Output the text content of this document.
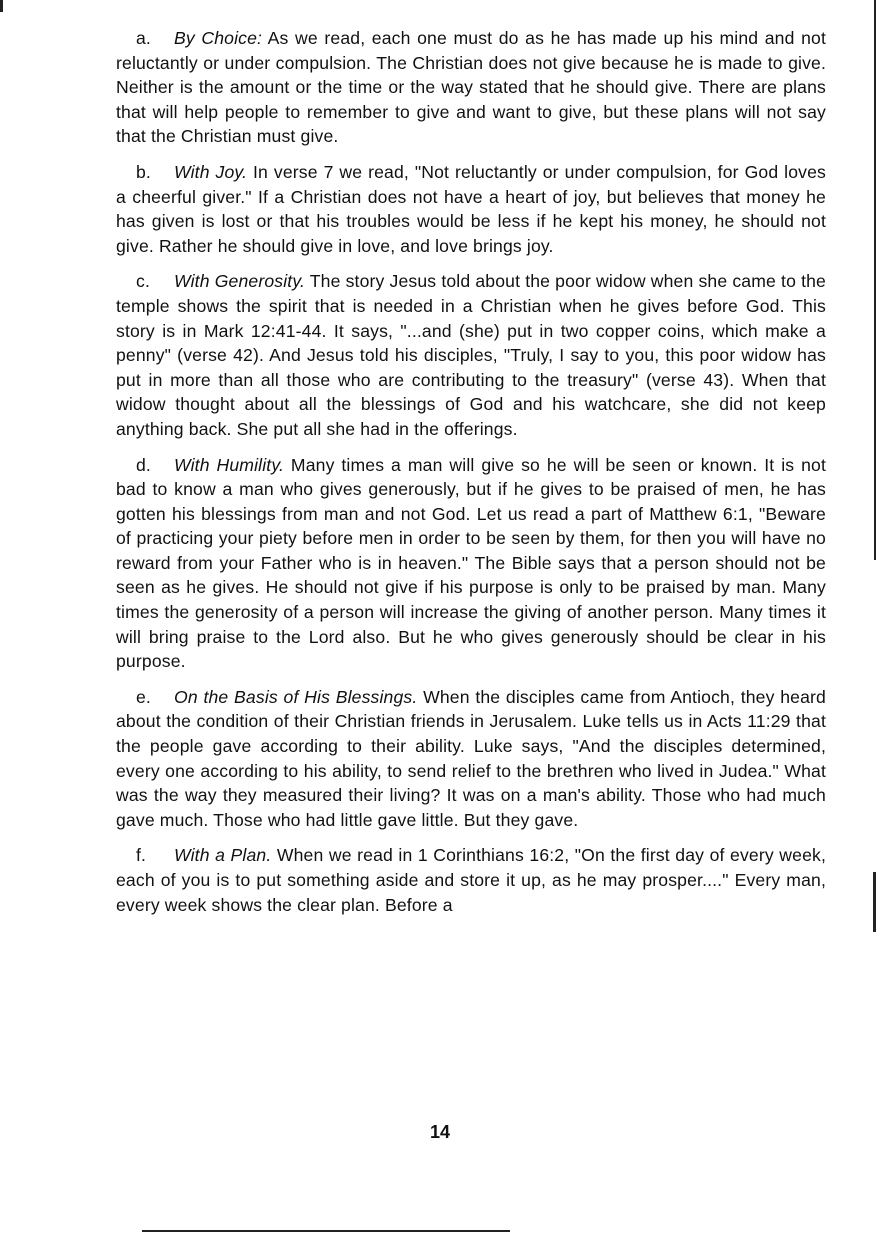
a. By Choice: As we read, each one must do as he has made up his mind and not reluctantly or under compulsion. The Christian does not give because he is made to give. Neither is the amount or the time or the way stated that he should give. There are plans that will help people to remember to give and want to give, but these plans will not say that the Christian must give.

b. With Joy. In verse 7 we read, "Not reluctantly or under compulsion, for God loves a cheerful giver." If a Christian does not have a heart of joy, but believes that money he has given is lost or that his troubles would be less if he kept his money, he should not give. Rather he should give in love, and love brings joy.

c. With Generosity. The story Jesus told about the poor widow when she came to the temple shows the spirit that is needed in a Christian when he gives before God. This story is in Mark 12:41-44. It says, "...and (she) put in two copper coins, which make a penny" (verse 42). And Jesus told his disciples, "Truly, I say to you, this poor widow has put in more than all those who are contributing to the treasury" (verse 43). When that widow thought about all the blessings of God and his watchcare, she did not keep anything back. She put all she had in the offerings.

d. With Humility. Many times a man will give so he will be seen or known. It is not bad to know a man who gives generously, but if he gives to be praised of men, he has gotten his blessings from man and not God. Let us read a part of Matthew 6:1, "Beware of practicing your piety before men in order to be seen by them, for then you will have no reward from your Father who is in heaven." The Bible says that a person should not be seen as he gives. He should not give if his purpose is only to be praised by man. Many times the generosity of a person will increase the giving of another person. Many times it will bring praise to the Lord also. But he who gives generously should be clear in his purpose.

e. On the Basis of His Blessings. When the disciples came from Antioch, they heard about the condition of their Christian friends in Jerusalem. Luke tells us in Acts 11:29 that the people gave according to their ability. Luke says, "And the disciples determined, every one according to his ability, to send relief to the brethren who lived in Judea." What was the way they measured their living? It was on a man's ability. Those who had much gave much. Those who had little gave little. But they gave.

f. With a Plan. When we read in 1 Corinthians 16:2, "On the first day of every week, each of you is to put something aside and store it up, as he may prosper...." Every man, every week shows the clear plan. Before a

14
